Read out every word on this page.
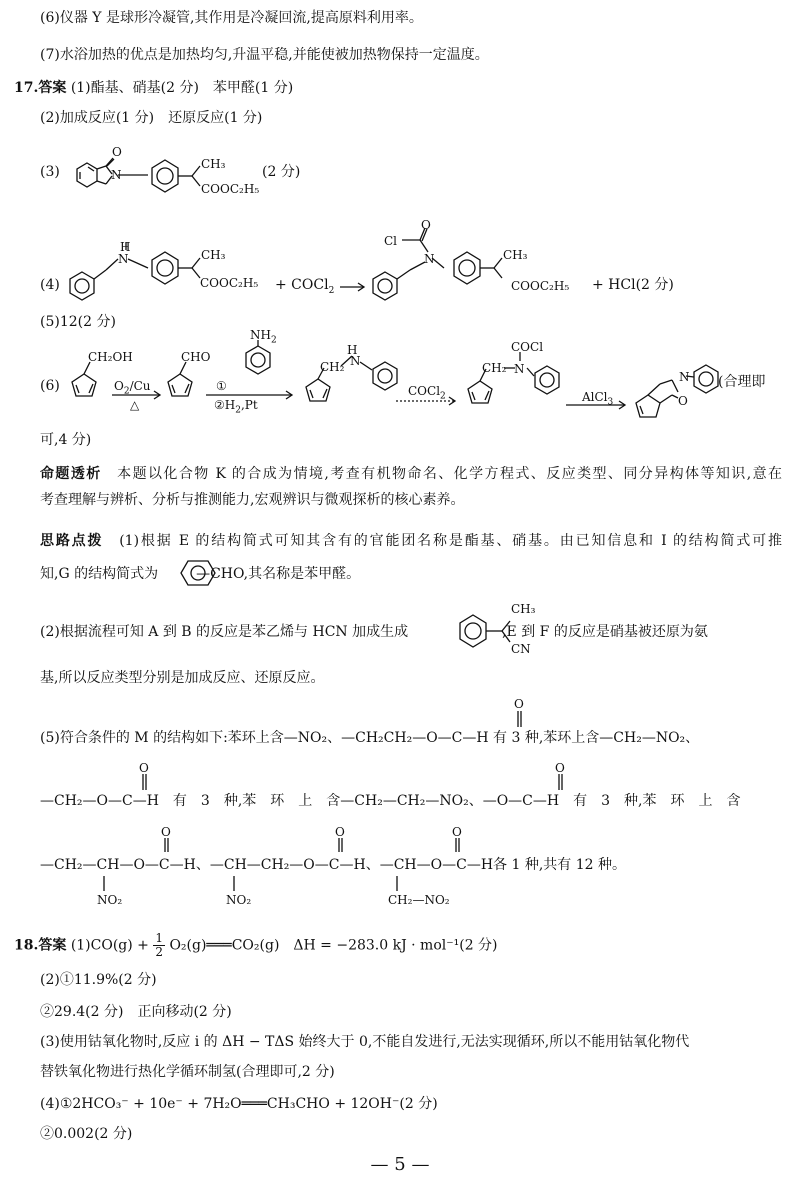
(6)仪器 Y 是球形冷凝管,其作用是冷凝回流,提高原料利用率。
(7)水浴加热的优点是加热均匀,升温平稳,并能使被加热物保持一定温度。
17.答案 (1)酯基、硝基(2 分)　苯甲醛(1 分)
(2)加成反应(1 分)　还原反应(1 分)
(3)
O
N
CH₃
COOC₂H₅
(2 分)
(4)
H
N	CH₃
COOC₂H₅ + COCl$_2$
Cl
O
N	CH₃
COOC₂H₅ + HCl(2 分)
(5)12(2 分)
(6)
CH₂OH
$O_2/Cu$
△
CHO
$NH_2$
①
$②H_2,Pt$
CH₂
H
N
COCl$_2$
CH₂
COCl
N
AlCl$_3$
N
O
(合理即
可,4 分)
命题透析　 本题以化合物 K 的合成为情境,考查有机物命名、化学方程式、反应类型、同分异构体等知识,意在
考查理解与辨析、分析与推测能力,宏观辨识与微观探析的核心素养。
思路点拨　 (1)根据 E 的结构简式可知其含有的官能团名称是酯基、硝基。由已知信息和 I 的结构简式可推
知,G 的结构简式为	—CHO,其名称是苯甲醛。
(2)根据流程可知 A 到 B 的反应是苯乙烯与 HCN 加成生成	,E 到 F 的反应是硝基被还原为氨
CH₃
CN
基,所以反应类型分别是加成反应、还原反应。
O
O	O
O	O	O
(5)符合条件的 M 的结构如下:苯环上含—NO₂、—CH₂CH₂—O—C—H 有 3 种,苯环上含—CH₂—NO₂、
—CH₂—O—C—H　有　3　种,苯　环　上　含—CH₂—CH₂—NO₂、—O—C—H　有　3　种,苯　环　上　含
—CH₂—CH—O—C—H、—CH—CH₂—O—C—H、—CH—O—C—H各 1 种,共有 12 种。
NO₂	NO₂	CH₂—NO₂
18.答案 $(1)CO(g) + \frac{1}{2}$ O₂(g)═══CO₂(g)　ΔH = −283.0 kJ · mol⁻¹(2 分)
(2)①11.9%(2 分)
②29.4(2 分)　正向移动(2 分)
(3)使用钴氧化物时,反应 ⅰ 的 ΔH − TΔS 始终大于 0,不能自发进行,无法实现循环,所以不能用钴氧化物代
替铁氧化物进行热化学循环制氢(合理即可,2 分)
(4)①2HCO₃⁻ + 10e⁻ + 7H₂O═══CH₃CHO + 12OH⁻(2 分)
②0.002(2 分)
— 5 —
